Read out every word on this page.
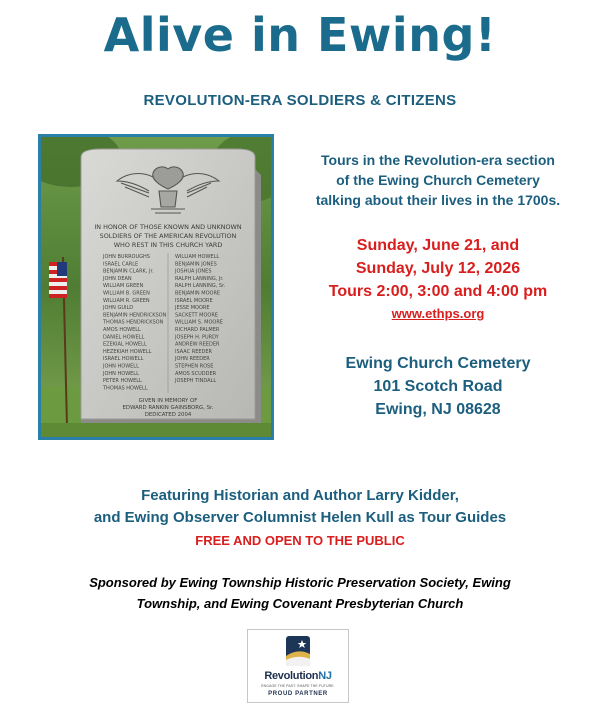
Alive in Ewing!
REVOLUTION-ERA SOLDIERS & CITIZENS
IN HONOR OF THOSE KNOWN AND UNKNOWN
SOLDIERS OF THE AMERICAN REVOLUTION
WHO REST IN THIS CHURCH YARD
JOHN BURROUGHS
ISRAEL CARLE
BENJAMIN CLARK, Jr.
JOHN DEAN
WILLIAM GREEN
WILLIAM B. GREEN
WILLIAM R. GREEN
JOHN GUILD
BENJAMIN HENDRICKSON
THOMAS HENDRICKSON
AMOS HOWELL
DANIEL HOWELL
EZEKIAL HOWELL
HEZEKIAH HOWELL
ISRAEL HOWELL
JOHN HOWELL
JOHN HOWELL
PETER HOWELL
THOMAS HOWELL
WILLIAM HOWELL
BENJAMIN JONES
JOSHUA JONES
RALPH LANNING, Jr.
RALPH LANNING, Sr.
BENJAMIN MOORE
ISRAEL MOORE
JESSE MOORE
SACKETT MOORE
WILLIAM S. MOORE
RICHARD PALMER
JOSEPH H. PURDY
ANDREW REEDER
ISAAC REEDER
JOHN REEDER
STEPHEN ROSE
AMOS SCUDDER
JOSEPH TINDALL
GIVEN IN MEMORY OF
EDWARD RANKIN GAINSBORG, Sr.
DEDICATED 2004
Tours in the Revolution-era section
of the Ewing Church Cemetery
talking about their lives in the 1700s.
Sunday, June 21, and
Sunday, July 12, 2026
Tours 2:00, 3:00 and 4:00 pm
www.ethps.org
Ewing Church Cemetery
101 Scotch Road
Ewing, NJ 08628
Featuring Historian and Author Larry Kidder,
and Ewing Observer Columnist Helen Kull as Tour Guides
FREE AND OPEN TO THE PUBLIC
Sponsored by Ewing Township Historic Preservation Society, Ewing
Township, and Ewing Covenant Presbyterian Church
RevolutionNJ
ENGAGE THE PAST. SHAPE THE FUTURE.
PROUD PARTNER
